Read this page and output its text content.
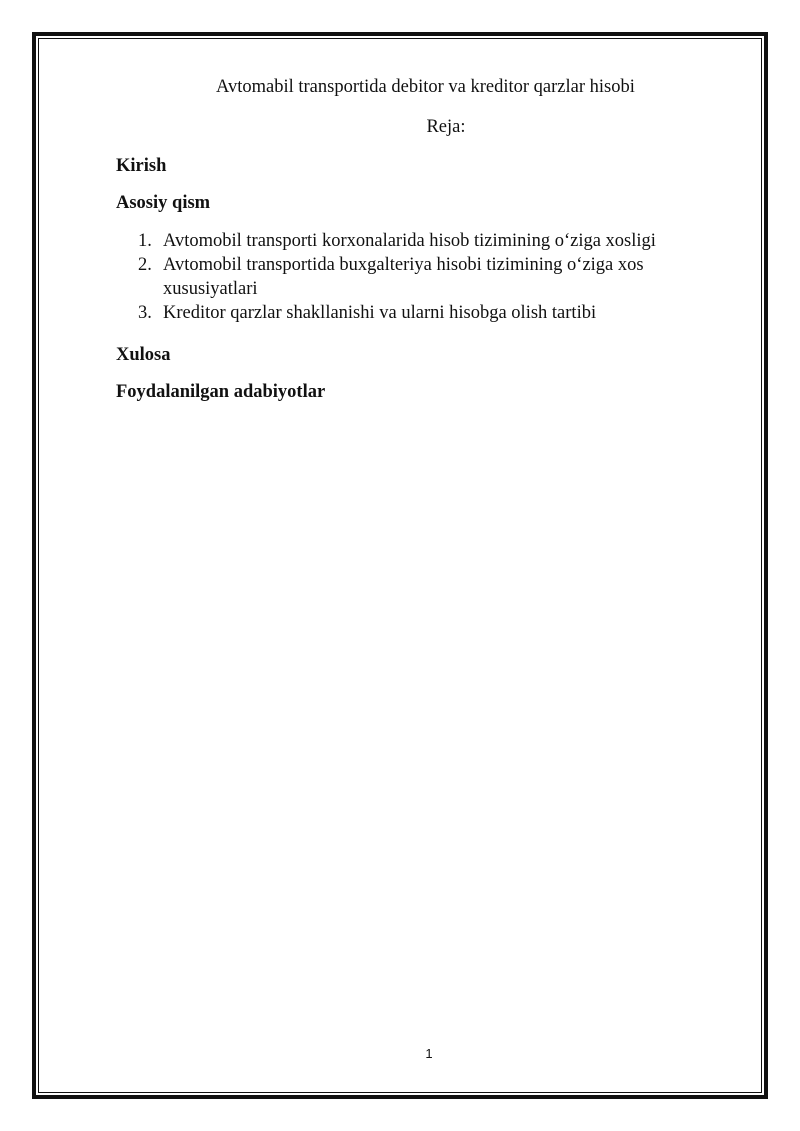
Avtomabil transportida debitor va kreditor qarzlar hisobi
Reja:
Kirish
Asosiy qism
1. Avtomobil transporti korxonalarida hisob tizimining o‘ziga xosligi
2. Avtomobil transportida buxgalteriya hisobi tizimining o‘ziga xos xususiyatlari
3. Kreditor qarzlar shakllanishi va ularni hisobga olish tartibi
Xulosa
Foydalanilgan adabiyotlar
1
